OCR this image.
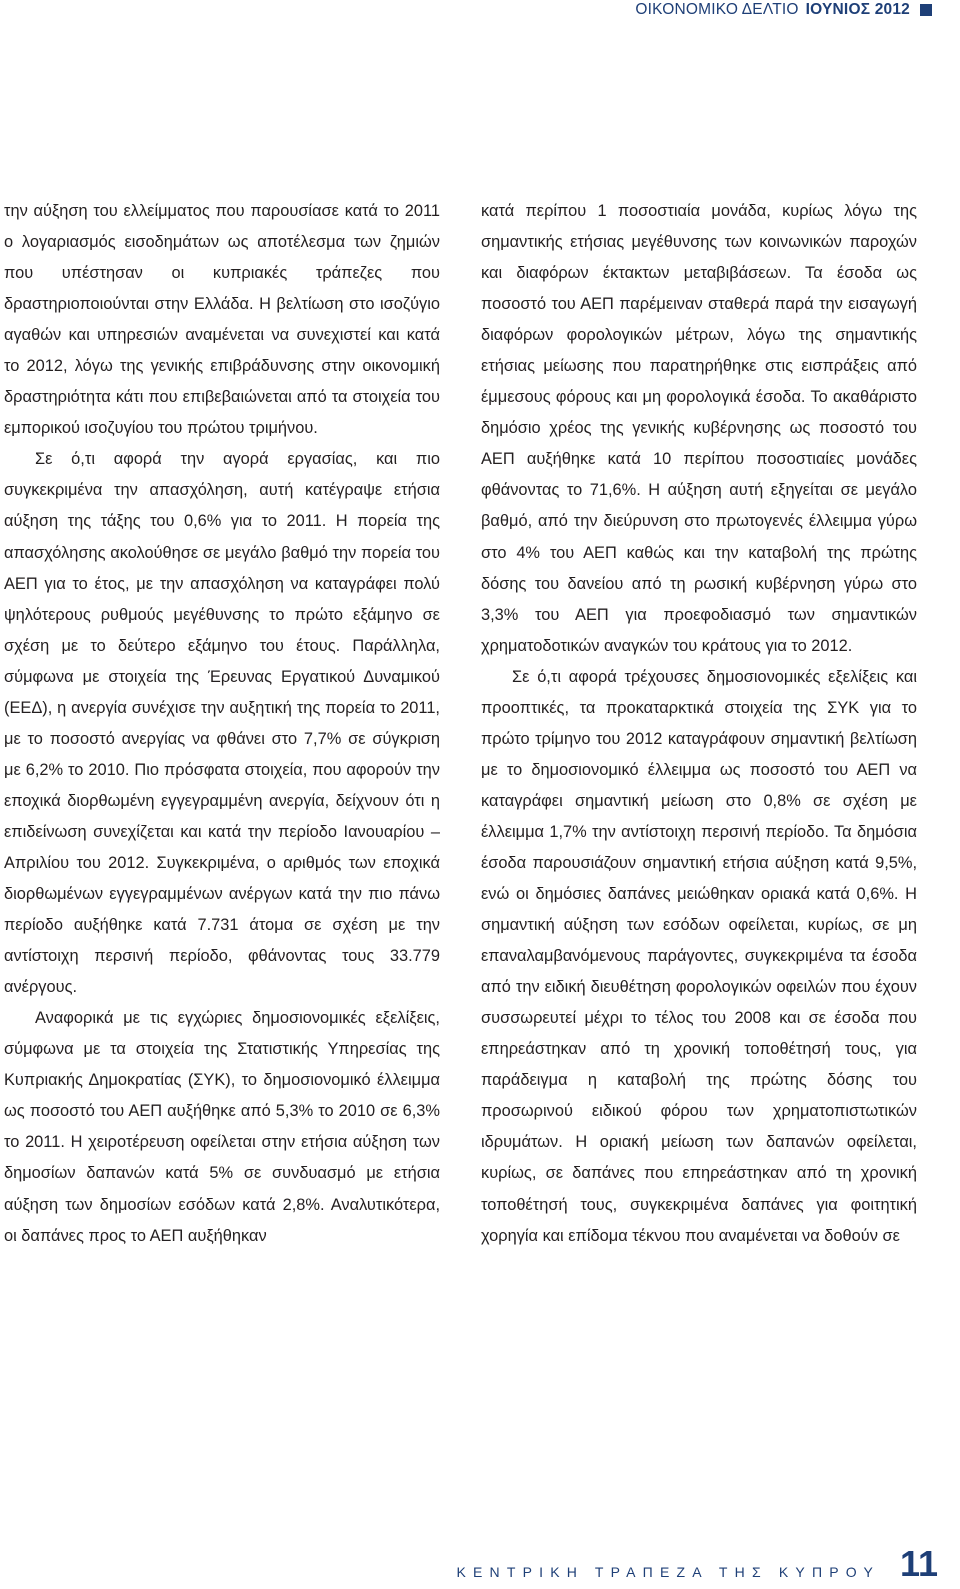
ΟΙΚΟΝΟΜΙΚΟ ΔΕΛΤΙΟ ΙΟΥΝΙΟΣ 2012

την αύξηση του ελλείμματος που παρουσίασε κατά το 2011 ο λογαριασμός εισοδημάτων ως αποτέλεσμα των ζημιών που υπέστησαν οι κυπριακές τράπεζες που δραστηριοποιούνται στην Ελλάδα. Η βελτίωση στο ισοζύγιο αγαθών και υπηρεσιών αναμένεται να συνεχιστεί και κατά το 2012, λόγω της γενικής επιβράδυνσης στην οικονομική δραστηριότητα κάτι που επιβεβαιώνεται από τα στοιχεία του εμπορικού ισοζυγίου του πρώτου τριμήνου.

Σε ό,τι αφορά την αγορά εργασίας, και πιο συγκεκριμένα την απασχόληση, αυτή κατέγραψε ετήσια αύξηση της τάξης του 0,6% για το 2011. Η πορεία της απασχόλησης ακολούθησε σε μεγάλο βαθμό την πορεία του ΑΕΠ για το έτος, με την απασχόληση να καταγράφει πολύ ψηλότερους ρυθμούς μεγέθυνσης το πρώτο εξάμηνο σε σχέση με το δεύτερο εξάμηνο του έτους. Παράλληλα, σύμφωνα με στοιχεία της Έρευνας Εργατικού Δυναμικού (ΕΕΔ), η ανεργία συνέχισε την αυξητική της πορεία το 2011, με το ποσοστό ανεργίας να φθάνει στο 7,7% σε σύγκριση με 6,2% το 2010. Πιο πρόσφατα στοιχεία, που αφορούν την εποχικά διορθωμένη εγγεγραμμένη ανεργία, δείχνουν ότι η επιδείνωση συνεχίζεται και κατά την περίοδο Ιανουαρίου – Απριλίου του 2012. Συγκεκριμένα, ο αριθμός των εποχικά διορθωμένων εγγεγραμμένων ανέργων κατά την πιο πάνω περίοδο αυξήθηκε κατά 7.731 άτομα σε σχέση με την αντίστοιχη περσινή περίοδο, φθάνοντας τους 33.779 ανέργους.

Αναφορικά με τις εγχώριες δημοσιονομικές εξελίξεις, σύμφωνα με τα στοιχεία της Στατιστικής Υπηρεσίας της Κυπριακής Δημοκρατίας (ΣΥΚ), το δημοσιονομικό έλλειμμα ως ποσοστό του ΑΕΠ αυξήθηκε από 5,3% το 2010 σε 6,3% το 2011. Η χειροτέρευση οφείλεται στην ετήσια αύξηση των δημοσίων δαπανών κατά 5% σε συνδυασμό με ετήσια αύξηση των δημοσίων εσόδων κατά 2,8%. Αναλυτικότερα, οι δαπάνες προς το ΑΕΠ αυξήθηκαν

κατά περίπου 1 ποσοστιαία μονάδα, κυρίως λόγω της σημαντικής ετήσιας μεγέθυνσης των κοινωνικών παροχών και διαφόρων έκτακτων μεταβιβάσεων. Τα έσοδα ως ποσοστό του ΑΕΠ παρέμειναν σταθερά παρά την εισαγωγή διαφόρων φορολογικών μέτρων, λόγω της σημαντικής ετήσιας μείωσης που παρατηρήθηκε στις εισπράξεις από έμμεσους φόρους και μη φορολογικά έσοδα. Το ακαθάριστο δημόσιο χρέος της γενικής κυβέρνησης ως ποσοστό του ΑΕΠ αυξήθηκε κατά 10 περίπου ποσοστιαίες μονάδες φθάνοντας το 71,6%. Η αύξηση αυτή εξηγείται σε μεγάλο βαθμό, από την διεύρυνση στο πρωτογενές έλλειμμα γύρω στο 4% του ΑΕΠ καθώς και την καταβολή της πρώτης δόσης του δανείου από τη ρωσική κυβέρνηση γύρω στο 3,3% του ΑΕΠ για προεφοδιασμό των σημαντικών χρηματοδοτικών αναγκών του κράτους για το 2012.

Σε ό,τι αφορά τρέχουσες δημοσιονομικές εξελίξεις και προοπτικές, τα προκαταρκτικά στοιχεία της ΣΥΚ για το πρώτο τρίμηνο του 2012 καταγράφουν σημαντική βελτίωση με το δημοσιονομικό έλλειμμα ως ποσοστό του ΑΕΠ να καταγράφει σημαντική μείωση στο 0,8% σε σχέση με έλλειμμα 1,7% την αντίστοιχη περσινή περίοδο. Τα δημόσια έσοδα παρουσιάζουν σημαντική ετήσια αύξηση κατά 9,5%, ενώ οι δημόσιες δαπάνες μειώθηκαν οριακά κατά 0,6%. Η σημαντική αύξηση των εσόδων οφείλεται, κυρίως, σε μη επαναλαμβανόμενους παράγοντες, συγκεκριμένα τα έσοδα από την ειδική διευθέτηση φορολογικών οφειλών που έχουν συσσωρευτεί μέχρι το τέλος του 2008 και σε έσοδα που επηρεάστηκαν από τη χρονική τοποθέτησή τους, για παράδειγμα η καταβολή της πρώτης δόσης του προσωρινού ειδικού φόρου των χρηματοπιστωτικών ιδρυμάτων. Η οριακή μείωση των δαπανών οφείλεται, κυρίως, σε δαπάνες που επηρεάστηκαν από τη χρονική τοποθέτησή τους, συγκεκριμένα δαπάνες για φοιτητική χορηγία και επίδομα τέκνου που αναμένεται να δοθούν σε

ΚΕΝΤΡΙΚΗ ΤΡΑΠΕΖΑ ΤΗΣ ΚΥΠΡΟΥ 11
